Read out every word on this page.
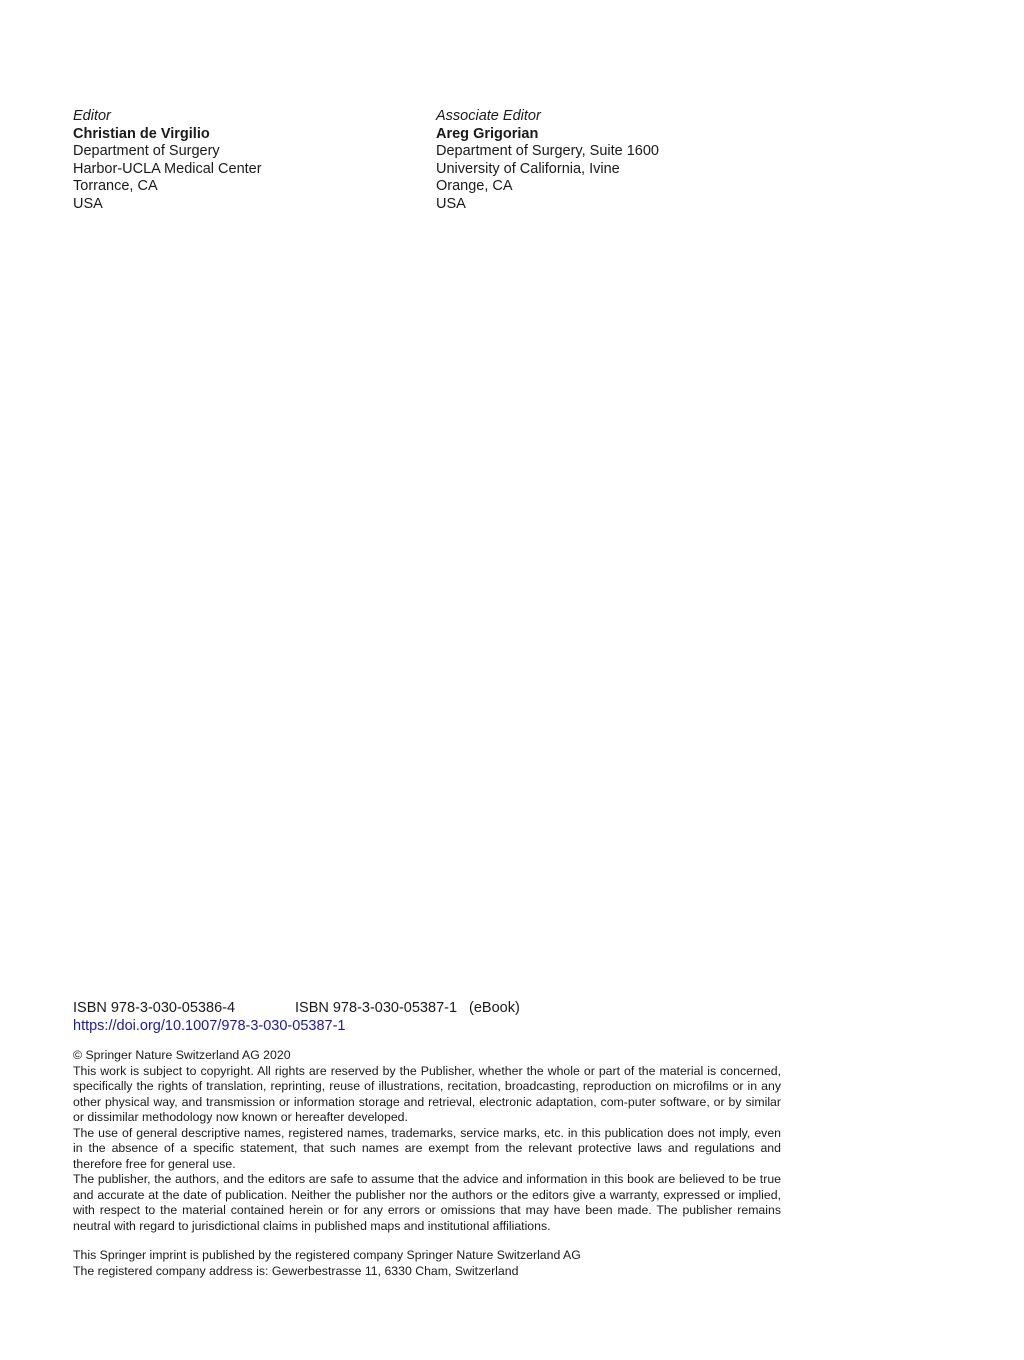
Editor
Christian de Virgilio
Department of Surgery
Harbor-UCLA Medical Center
Torrance, CA
USA
Associate Editor
Areg Grigorian
Department of Surgery, Suite 1600
University of California, Ivine
Orange, CA
USA
ISBN 978-3-030-05386-4	ISBN 978-3-030-05387-1 (eBook)
https://doi.org/10.1007/978-3-030-05387-1

© Springer Nature Switzerland AG 2020

This work is subject to copyright. All rights are reserved by the Publisher, whether the whole or part of the material is concerned, specifically the rights of translation, reprinting, reuse of illustrations, recitation, broadcasting, reproduction on microfilms or in any other physical way, and transmission or information storage and retrieval, electronic adaptation, com-puter software, or by similar or dissimilar methodology now known or hereafter developed.

The use of general descriptive names, registered names, trademarks, service marks, etc. in this publication does not imply, even in the absence of a specific statement, that such names are exempt from the relevant protective laws and regulations and therefore free for general use.

The publisher, the authors, and the editors are safe to assume that the advice and information in this book are believed to be true and accurate at the date of publication. Neither the publisher nor the authors or the editors give a warranty, expressed or implied, with respect to the material contained herein or for any errors or omissions that may have been made. The publisher remains neutral with regard to jurisdictional claims in published maps and institutional affiliations.

This Springer imprint is published by the registered company Springer Nature Switzerland AG

The registered company address is: Gewerbestrasse 11, 6330 Cham, Switzerland
